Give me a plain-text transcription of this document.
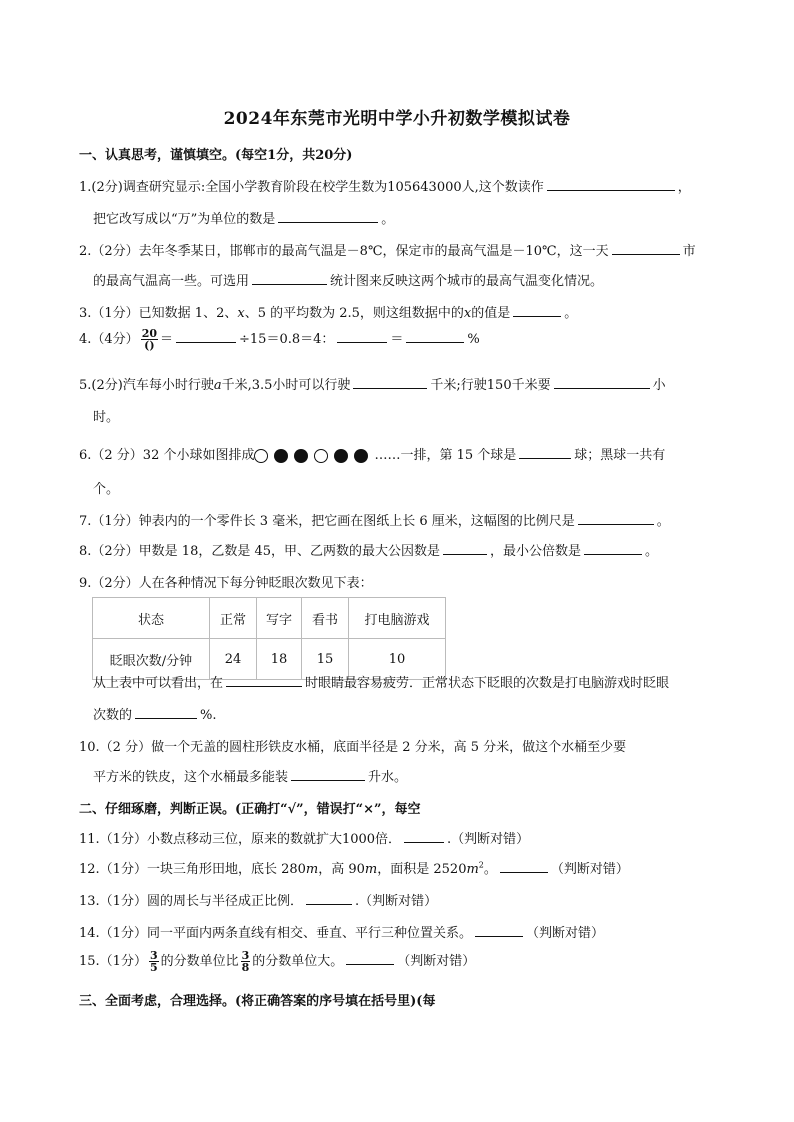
2024年东莞市光明中学小升初数学模拟试卷
一、认真思考，谨慎填空。(每空1分，共20分)
1.(2分)调查研究显示:全国小学教育阶段在校学生数为105643000人,这个数读作	，
把它改写成以“万”为单位的数是	。
2.（2分）去年冬季某日，邯郸市的最高气温是－8℃，保定市的最高气温是－10℃，这一天	市
的最高气温高一些。可选用	统计图来反映这两个城市的最高气温变化情况。
3.（1分）已知数据 1、2、x、5 的平均数为 2.5，则这组数据中的x的值是	。
4.（4分） $\frac{20}{()}$ ＝	÷15＝0.8＝4：	＝	%
5.(2分)汽车每小时行驶a千米,3.5小时可以行驶	千米;行驶150千米要	小
时。
6.（2 分）32 个小球如图排成	……一排，第 15 个球是	球；黑球一共有
个。
7.（1分）钟表内的一个零件长 3 毫米，把它画在图纸上长 6 厘米，这幅图的比例尺是	。
8.（2分）甲数是 18，乙数是 45，甲、乙两数的最大公因数是	，最小公倍数是	。
9.（2分）人在各种情况下每分钟眨眼次数见下表：
状态	正常	写字	看书	打电脑游戏
眨眼次数/分钟	24	18	15	10
从上表中可以看出，在	时眼睛最容易疲劳．正常状态下眨眼的次数是打电脑游戏时眨眼
次数的	%.
10.（2 分）做一个无盖的圆柱形铁皮水桶，底面半径是 2 分米，高 5 分米，做这个水桶至少要
平方米的铁皮，这个水桶最多能装	升水。
二、仔细琢磨，判断正误。(正确打“√”，错误打“×”，每空
11.（1分）小数点移动三位，原来的数就扩大1000倍．	.（判断对错）
12.（1分）一块三角形田地，底长 280m，高 90m，面积是 $2520m^2$。	（判断对错）
13.（1分）圆的周长与半径成正比例．	.（判断对错）
14.（1分）同一平面内两条直线有相交、垂直、平行三种位置关系。	（判断对错）
15.（1分） $\frac{3}{5}$ 的分数单位比 $\frac{3}{8}$ 的分数单位大。	（判断对错）
三、全面考虑，合理选择。(将正确答案的序号填在括号里)(每
